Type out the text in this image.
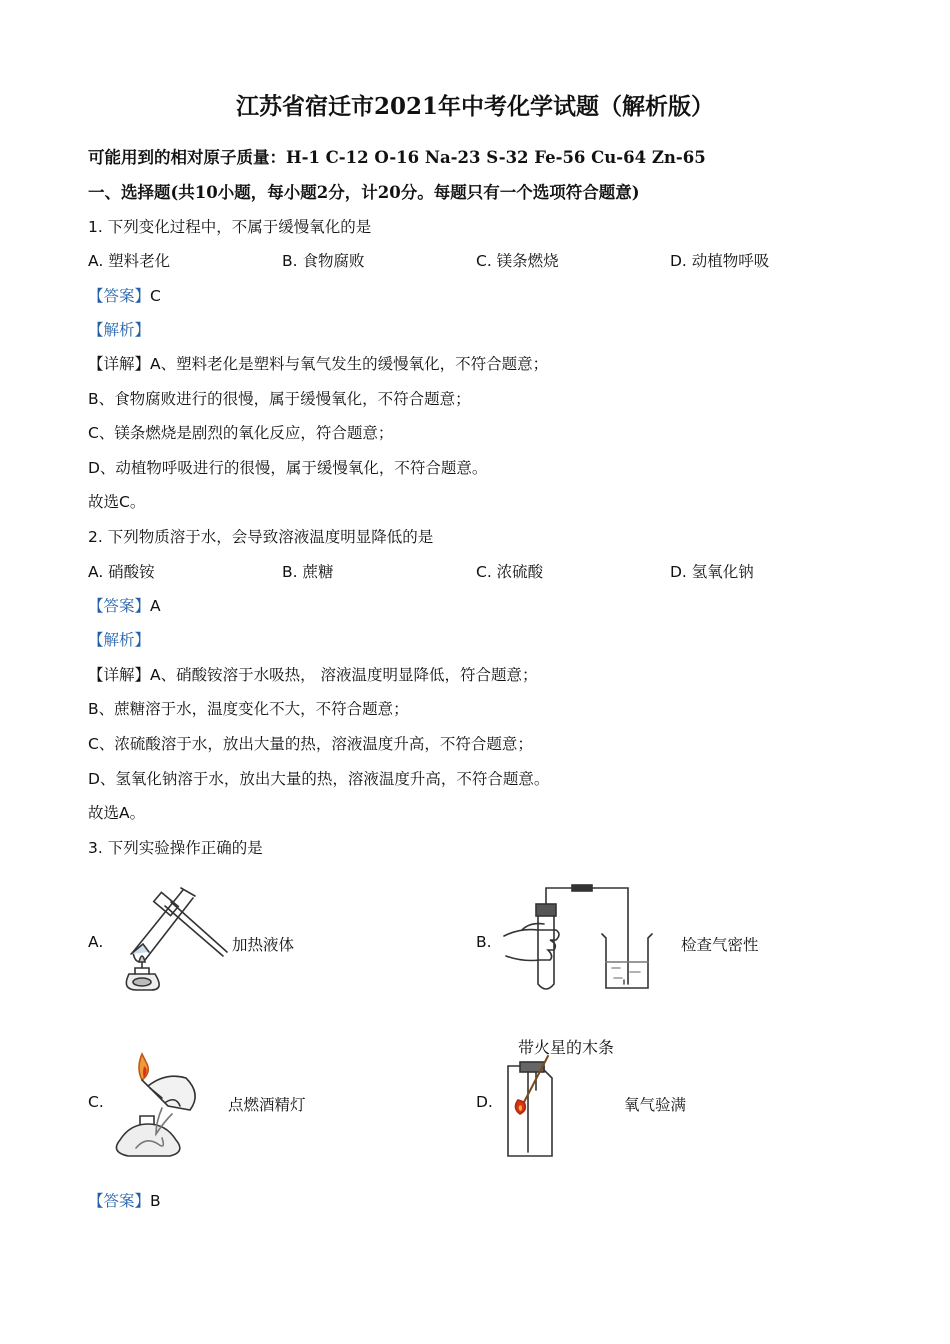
江苏省宿迁市2021年中考化学试题（解析版）
可能用到的相对原子质量：H-1 C-12 O-16 Na-23 S-32 Fe-56 Cu-64 Zn-65
一、选择题(共10小题，每小题2分，计20分。每题只有一个选项符合题意)
1. 下列变化过程中，不属于缓慢氧化的是
A. 塑料老化	B. 食物腐败	C. 镁条燃烧	D. 动植物呼吸
【答案】C
【解析】
【详解】A、塑料老化是塑料与氧气发生的缓慢氧化，不符合题意；
B、食物腐败进行的很慢，属于缓慢氧化，不符合题意；
C、镁条燃烧是剧烈的氧化反应，符合题意；
D、动植物呼吸进行的很慢，属于缓慢氧化，不符合题意。
故选C。
2. 下列物质溶于水，会导致溶液温度明显降低的是
A. 硝酸铵	B. 蔗糖	C. 浓硫酸	D. 氢氧化钠
【答案】A
【解析】
【详解】A、硝酸铵溶于水吸热， 溶液温度明显降低，符合题意；
B、蔗糖溶于水，温度变化不大，不符合题意；
C、浓硫酸溶于水，放出大量的热，溶液温度升高，不符合题意；
D、氢氧化钠溶于水，放出大量的热，溶液温度升高，不符合题意。
故选A。
3. 下列实验操作正确的是
A.	加热液体	B.	检查气密性
C.	点燃酒精灯	D.
带火星的木条
氧气验满
【答案】B
